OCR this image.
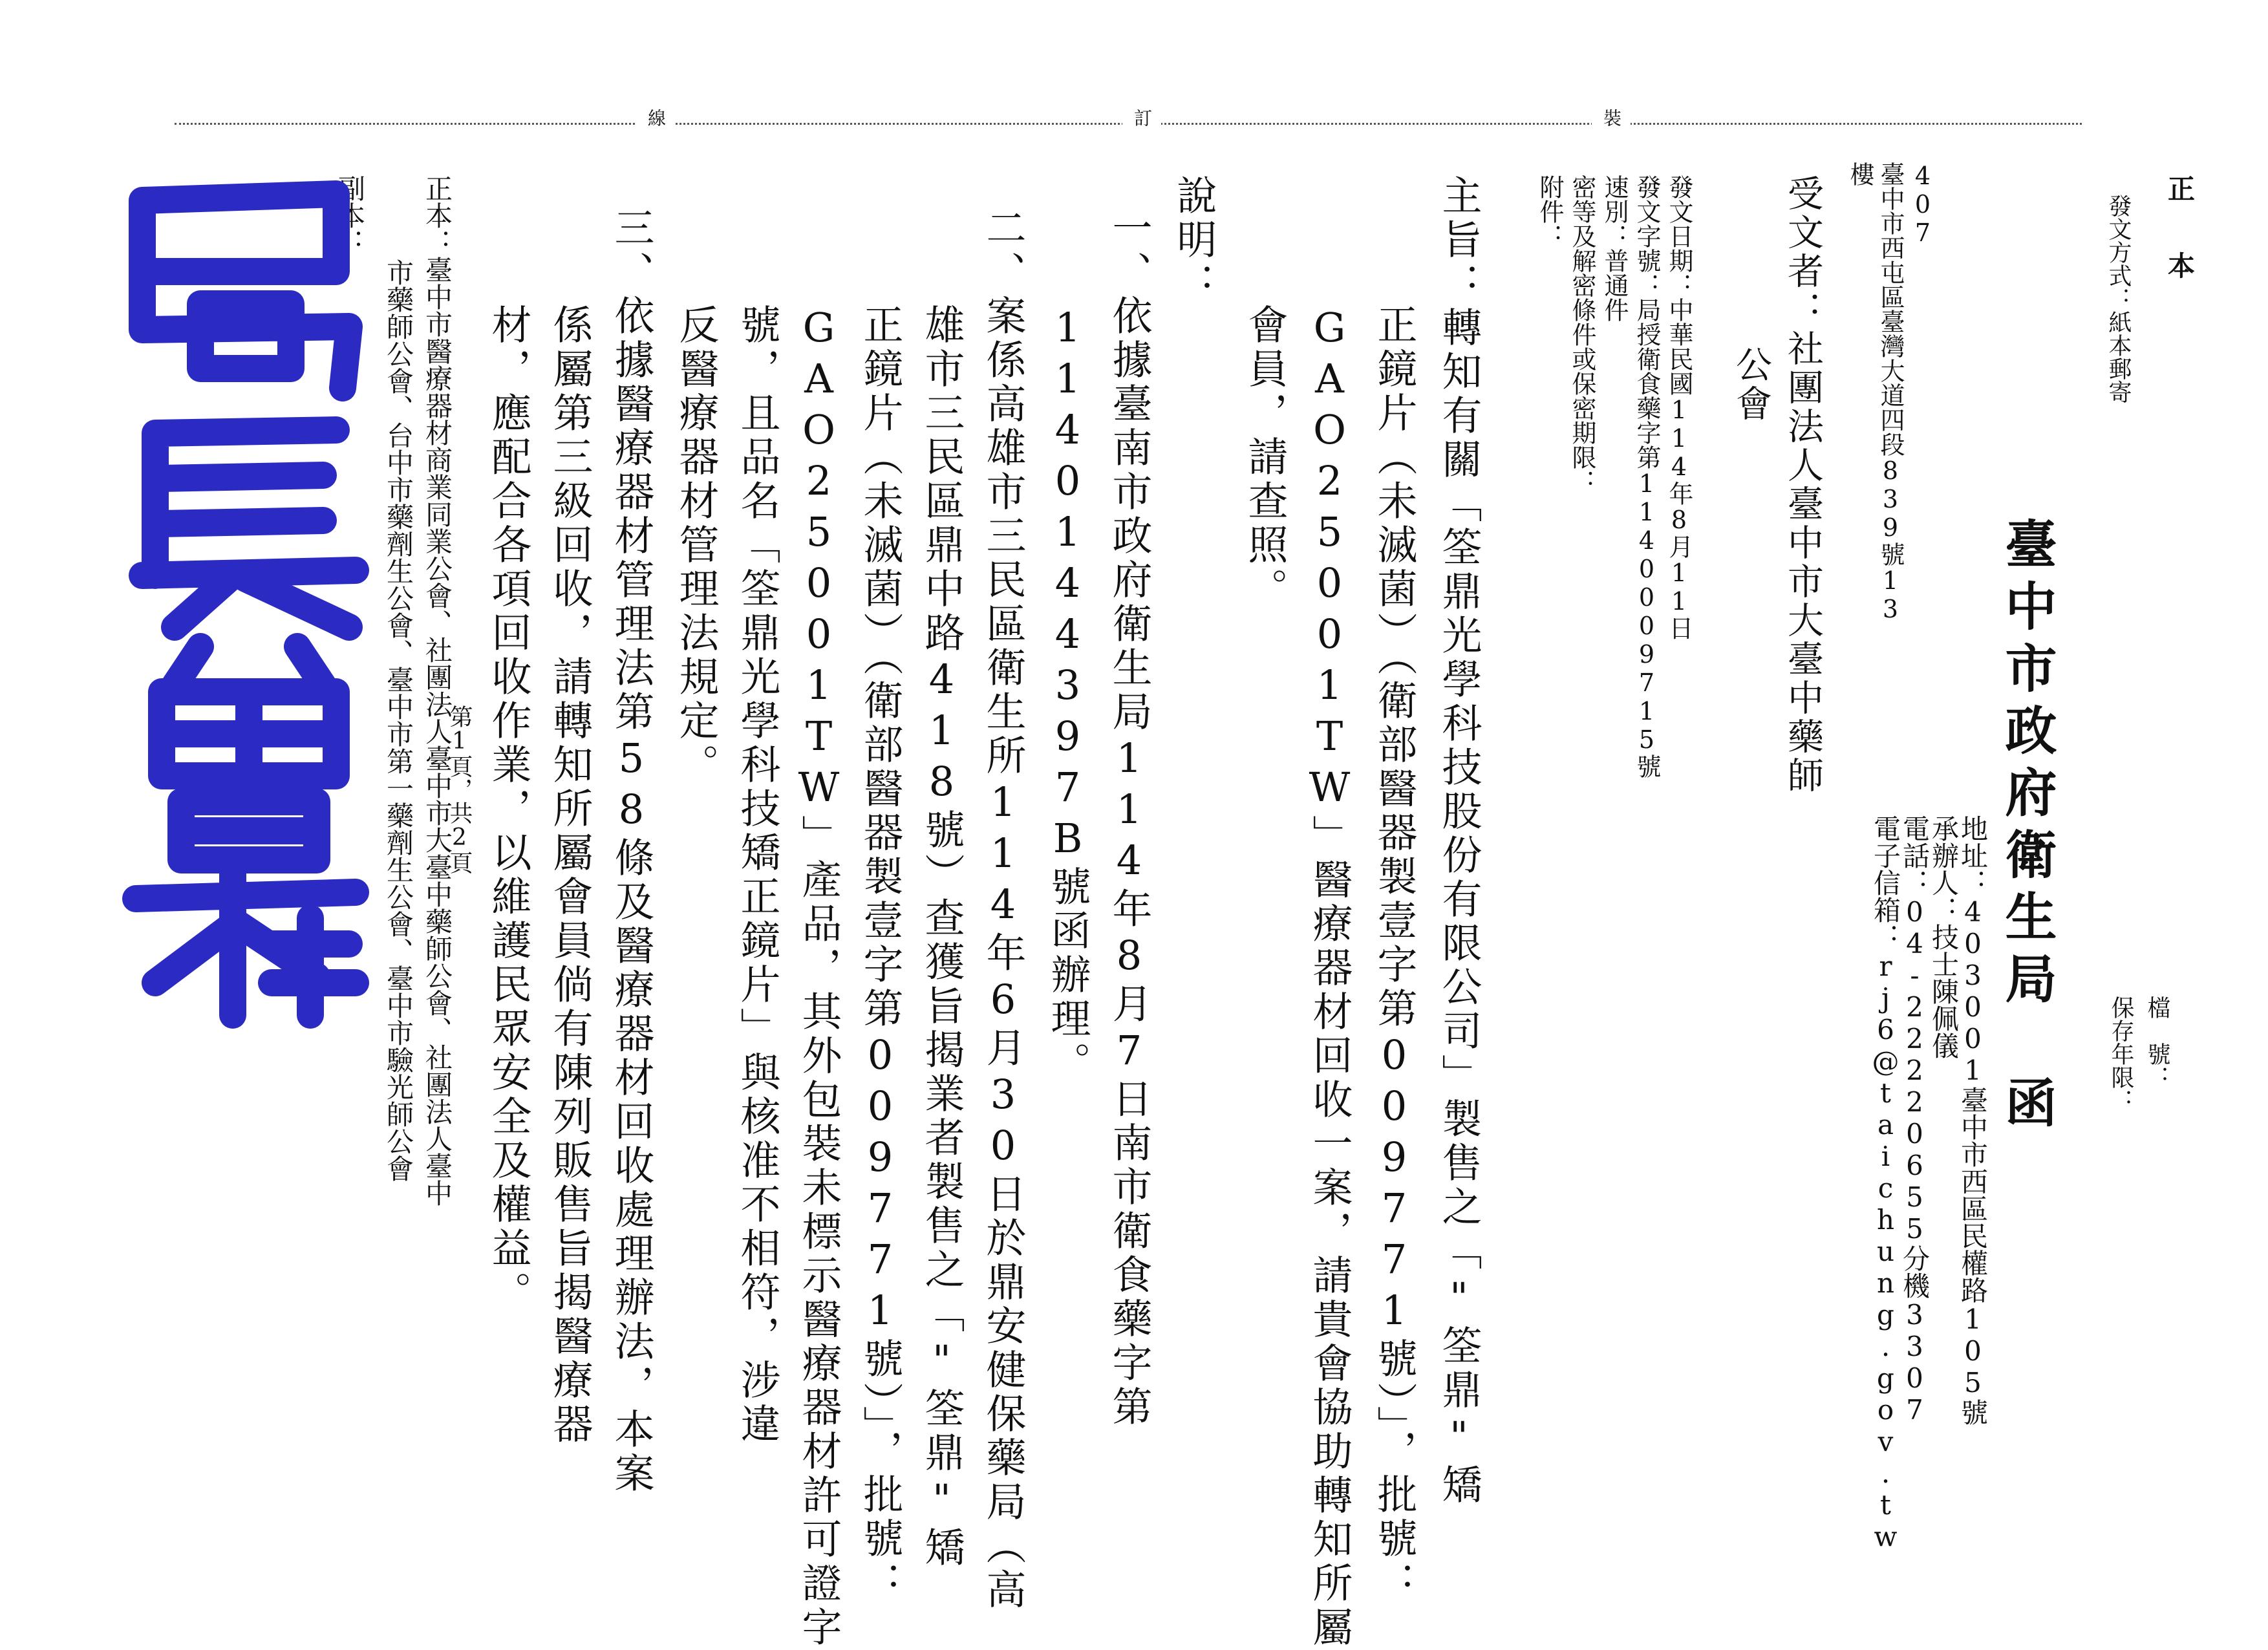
正 本
發文方式：紙本郵寄
檔　號：
保存年限：
裝
訂
線
臺中市政府衛生局　函
地址：403001臺中市西區民權路105號
承辦人：技士陳佩儀
電話：04-22220655分機3307
電子信箱：rj6@taichung.gov.tw
407
臺中市西屯區臺灣大道四段839號13
樓
受文者：社團法人臺中市大臺中藥師
公會
發文日期：中華民國114年8月11日
發文字號：局授衛食藥字第1140009715號
速別：普通件
密等及解密條件或保密期限：
附件：
主旨：轉知有關「筌鼎光學科技股份有限公司」製售之「"筌鼎"矯
正鏡片（未滅菌）（衛部醫器製壹字第009771號）」，批號：
GAO25001TW」醫療器材回收一案，請貴會協助轉知所屬
會員，請查照。
說明：
一、依據臺南市政府衛生局114年8月7日南市衛食藥字第
1140144397B號函辦理。
二、案係高雄市三民區衛生所114年6月30日於鼎安健保藥局（高
雄市三民區鼎中路418號）查獲旨揭業者製售之「"筌鼎"矯
正鏡片（未滅菌）（衛部醫器製壹字第009771號）」，批號：
GAO25001TW」產品，其外包裝未標示醫療器材許可證字
號，且品名「筌鼎光學科技矯正鏡片」與核准不相符，涉違
反醫療器材管理法規定。
三、依據醫療器材管理法第58條及醫療器材回收處理辦法，本案
係屬第三級回收，請轉知所屬會員倘有陳列販售旨揭醫療器
材，應配合各項回收作業，以維護民眾安全及權益。
正本：臺中市醫療器材商業同業公會、社團法人臺中市大臺中藥師公會、社團法人臺中
市藥師公會、台中市藥劑生公會、臺中市第一藥劑生公會、臺中市驗光師公會
副本：
第1頁，共2頁
